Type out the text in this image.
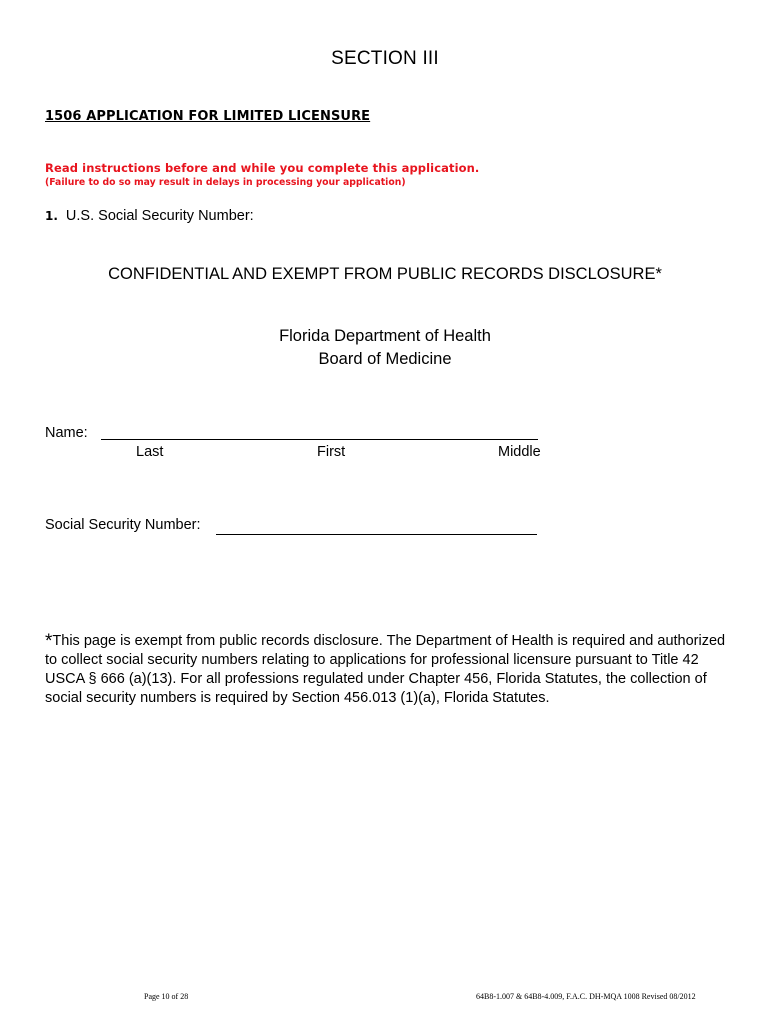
SECTION III
1506 APPLICATION FOR LIMITED LICENSURE
Read instructions before and while you complete this application.
(Failure to do so may result in delays in processing your application)
1. U.S. Social Security Number:
CONFIDENTIAL AND EXEMPT FROM PUBLIC RECORDS DISCLOSURE*
Florida Department of Health
Board of Medicine
Name:
Last	First	Middle
Social Security Number:
*This page is exempt from public records disclosure. The Department of Health is required and authorized to collect social security numbers relating to applications for professional licensure pursuant to Title 42 USCA § 666 (a)(13). For all professions regulated under Chapter 456, Florida Statutes, the collection of social security numbers is required by Section 456.013 (1)(a), Florida Statutes.
Page 10 of 28	64B8-1.007 & 64B8-4.009, F.A.C. DH-MQA 1008 Revised 08/2012
